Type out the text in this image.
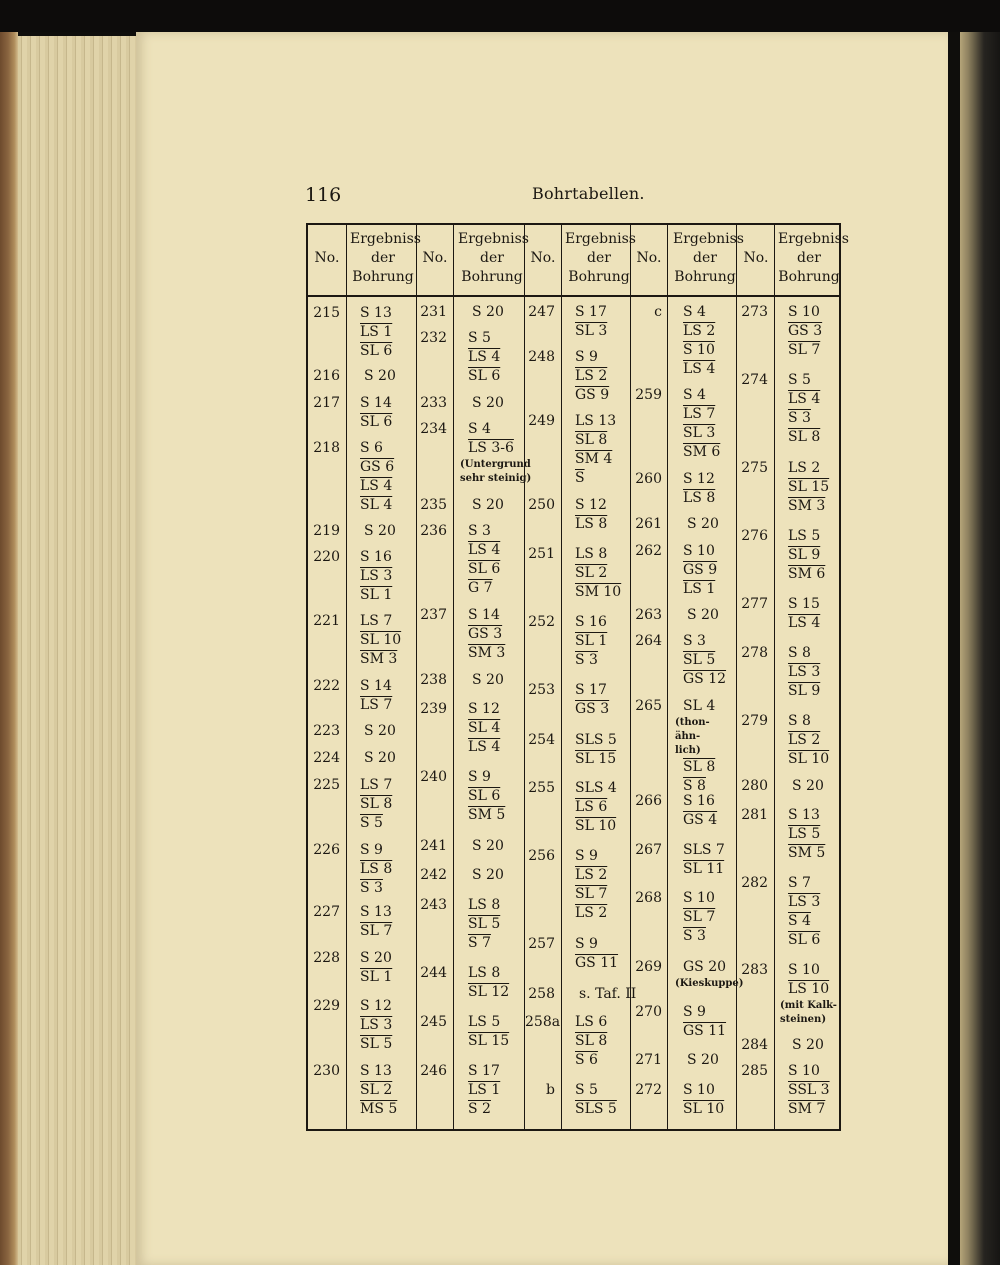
116	Bohrtabellen.
No.
Ergebniss
der
Bohrung
No.
Ergebniss
der
Bohrung
No.
Ergebniss
der
Bohrung
No.
Ergebniss
der
Bohrung
No.
Ergebniss
der
Bohrung
215 S 13
LS 1
SL 6
216 S 20
217 S 14
SL 6
218 S 6
GS 6
LS 4
SL 4
219 S 20
220 S 16
LS 3
SL 1
221 LS 7
SL 10
SM 3
222 S 14
LS 7
223 S 20
224 S 20
225 LS 7
SL 8
S 5
226 S 9
LS 8
S 3
227 S 13
SL 7
228 S 20
SL 1
229 S 12
LS 3
SL 5
230 S 13
SL 2
MS 5
231 S 20
232 S 5
LS 4
SL 6
233 S 20
234 S 4
LS 3-6
(Untergrund
sehr steinig)
235 S 20
236 S 3
LS 4
SL 6
G 7
237 S 14
GS 3
SM 3
238 S 20
239 S 12
SL 4
LS 4
240 S 9
SL 6
SM 5
241 S 20
242 S 20
243 LS 8
SL 5
S 7
244 LS 8
SL 12
245 LS 5
SL 15
246 S 17
LS 1
S 2
247 S 17
SL 3
248 S 9
LS 2
GS 9
249 LS 13
SL 8
SM 4
$\overline{S}$
250 S 12
LS 8
251 LS 8
SL 2
SM 10
252 S 16
SL 1
S 3
253 S 17
GS 3
254 SLS 5
SL 15
255 SLS 4
LS 6
SL 10
256 S 9
LS 2
SL 7
LS 2
257 S 9
GS 11
258 s. Taf. II
258a LS 6
SL 8
S 6
b S 5
SLS 5
c S 4
LS 2
S 10
LS 4
259 S 4
LS 7
SL 3
SM 6
260 S 12
LS 8
261 S 20
262 S 10
GS 9
LS 1
263 S 20
264 S 3
SL 5
GS 12
265 SL 4
(thon-
ähn-
lich)
SL 8
S 8
266 S 16
GS 4
267 SLS 7
SL 11
268 S 10
SL 7
S 3
269 GS 20
(Kieskuppe)
270 S 9
GS 11
271 S 20
272 S 10
SL 10
273 S 10
GS 3
SL 7
274 S 5
LS 4
S 3
SL 8
275 LS 2
SL 15
SM 3
276 LS 5
SL 9
SM 6
277 S 15
LS 4
278 S 8
LS 3
SL 9
279 S 8
LS 2
SL 10
280 S 20
281 S 13
LS 5
SM 5
282 S 7
LS 3
S 4
SL 6
283 S 10
LS 10
(mit Kalk-
steinen)
284 S 20
285 S 10
SSL 3
SM 7
